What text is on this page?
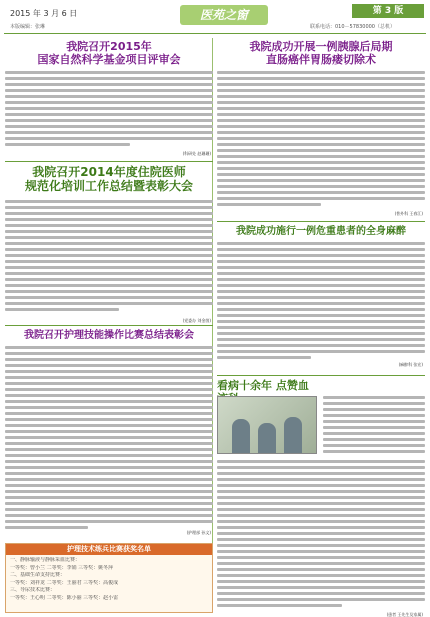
2015 年 3 月 6 日
本版编辑：张琳
医苑之窗	第 3 版
联系电话：010－57830000（总机）
我院召开2015年
国家自然科学基金项目评审会
(科研处 赵珊珊)
我院召开2014年度住院医师
规范化培训工作总结暨表彰大会
(党委办 刘金茵)
我院召开护理技能操作比赛总结表彰会
(护理部 孙文)
护理技术练兵比赛获奖名单
一、静脉输液与静脉采血比赛：
一等奖：曾小兰 二等奖：李娟 三等奖：姚冬萍
二、基础生命支持比赛：
一等奖：刘祥龙 二等奖：王丽君 三等奖：高俊成
三、导尿技术比赛：
一等奖：王心明 二等奖：陈小丽 三等奖：赵小雷
我院成功开展一例胰腺后局期
直肠癌伴胃肠瘘切除术
(普外科 王春江)
我院成功施行一例危重患者的全身麻醉
(麻醉科 张宏)
看病十余年 点赞血
(患者 王先生及家属)
